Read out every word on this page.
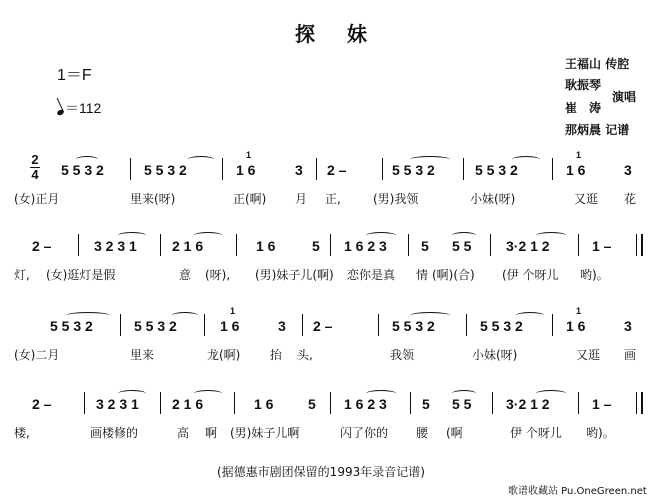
探　妹
1＝F
＝112
王福山 传腔
耿振琴
演唱
崔　涛
那炳晨 记谱
2
4 5 5 3 2	5 5 3 2
1
1 6	3 2 –	5 5 3 2	5 5 3 2
1
1 6	3
(女)正月	里来(呀)	正(啊) 月 正,	(男)我领	小妹(呀)	又逛 花
2 –	3 2 3 1	2 1 6	1 6	5 1 6 2 3 5 5 5 3·2 1 2	1 –
灯, (女)逛灯是假	意 (呀), (男)妹子儿(啊) 恋你是真 情 (啊)(合) (伊 个呀儿 哟)。
5 5 3 2	5 5 3 2
1
1 6	3 2 –	5 5 3 2	5 5 3 2
1
1 6	3
(女)二月	里来	龙(啊) 抬 头,	我领	小妹(呀)	又逛 画
2 –	3 2 3 1 2 1 6	1 6 5 1 6 2 3	5 5 5 3·2 1 2	1 –
楼,	画楼修的	高 啊 (男)妹子儿啊	闪了你的 腰 (啊	伊 个呀儿 哟)。
(据德惠市剧团保留的1993年录音记谱)
歌谱收藏站 Pu.OneGreen.net
